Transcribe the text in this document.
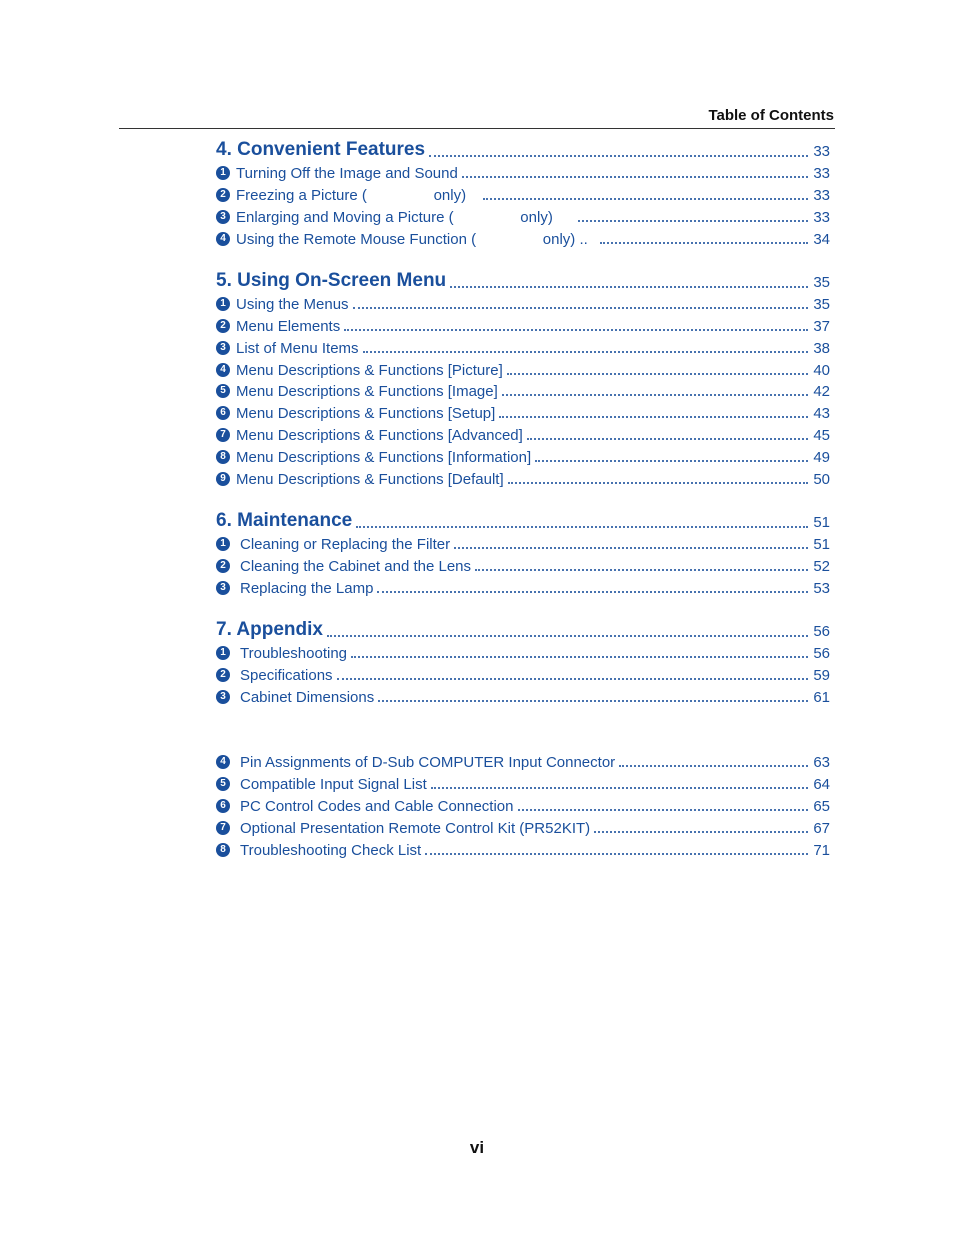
Table of Contents
4. Convenient Features	33
1 Turning Off the Image and Sound	33
2 Freezing a Picture (                only)	33
3 Enlarging and Moving a Picture (                only)	33
4 Using the Remote Mouse Function (                only) ..	34
5. Using On-Screen Menu	35
1 Using the Menus	35
2 Menu Elements	37
3 List of Menu Items	38
4 Menu Descriptions & Functions [Picture]	40
5 Menu Descriptions & Functions [Image]	42
6 Menu Descriptions & Functions [Setup]	43
7 Menu Descriptions & Functions [Advanced]	45
8 Menu Descriptions & Functions [Information]	49
9 Menu Descriptions & Functions [Default]	50
6. Maintenance	51
1 Cleaning or Replacing the Filter	51
2 Cleaning the Cabinet and the Lens	52
3 Replacing the Lamp	53
7. Appendix	56
1 Troubleshooting	56
2 Specifications	59
3 Cabinet Dimensions	61
4 Pin Assignments of D-Sub COMPUTER Input Connector	63
5 Compatible Input Signal List	64
6 PC Control Codes and Cable Connection	65
7 Optional Presentation Remote Control Kit (PR52KIT)	67
8 Troubleshooting Check List	71
vi
